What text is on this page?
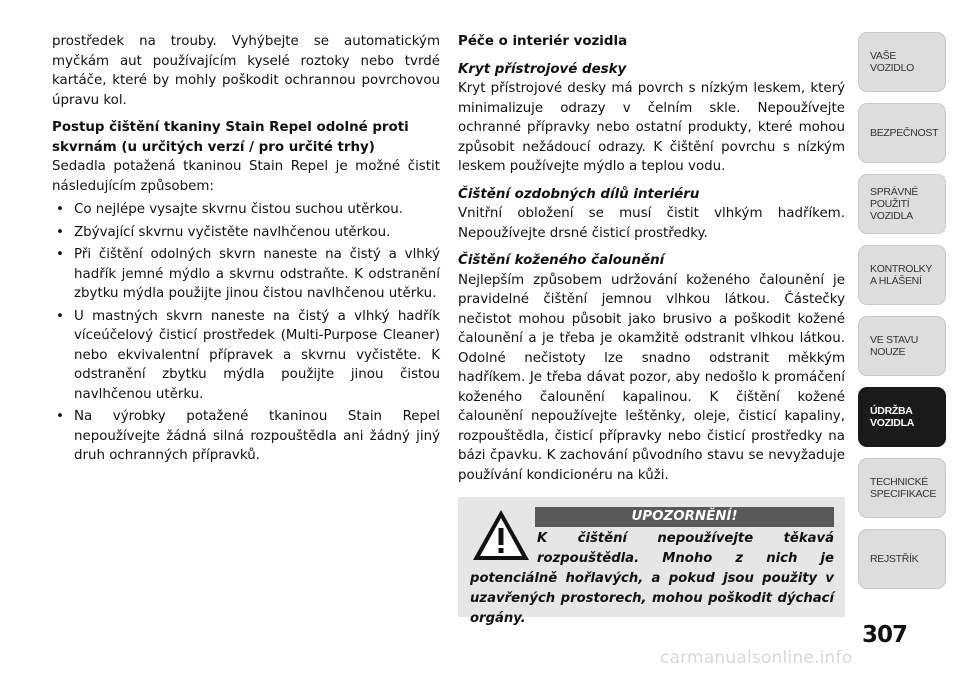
prostředek na trouby. Vyhýbejte se automatickým myčkám aut používajícím kyselé roztoky nebo tvrdé kartáče, které by mohly poškodit ochrannou povrchovou úpravu kol.

Postup čištění tkaniny Stain Repel odolné proti skvrnám (u určitých verzí / pro určité trhy)

Sedadla potažená tkaninou Stain Repel je možné čistit následujícím způsobem:

• Co nejlépe vysajte skvrnu čistou suchou utěrkou.
• Zbývající skvrnu vyčistěte navlhčenou utěrkou.
• Při čištění odolných skvrn naneste na čistý a vlhký hadřík jemné mýdlo a skvrnu odstraňte. K odstranění zbytku mýdla použijte jinou čistou navlhčenou utěrku.
• U mastných skvrn naneste na čistý a vlhký hadřík víceúčelový čisticí prostředek (Multi-Purpose Cleaner) nebo ekvivalentní přípravek a skvrnu vyčistěte. K odstranění zbytku mýdla použijte jinou čistou navlhčenou utěrku.
• Na výrobky potažené tkaninou Stain Repel nepoužívejte žádná silná rozpouštědla ani žádný jiný druh ochranných přípravků.

Péče o interiér vozidla

Kryt přístrojové desky

Kryt přístrojové desky má povrch s nízkým leskem, který minimalizuje odrazy v čelním skle. Nepoužívejte ochranné přípravky nebo ostatní produkty, které mohou způsobit nežádoucí odrazy. K čištění povrchu s nízkým leskem používejte mýdlo a teplou vodu.

Čištění ozdobných dílů interiéru

Vnitřní obložení se musí čistit vlhkým hadříkem. Nepoužívejte drsné čisticí prostředky.

Čištění koženého čalounění

Nejlepším způsobem udržování koženého čalounění je pravidelné čištění jemnou vlhkou látkou. Částečky nečistot mohou působit jako brusivo a poškodit kožené čalounění a je třeba je okamžitě odstranit vlhkou látkou. Odolné nečistoty lze snadno odstranit měkkým hadříkem. Je třeba dávat pozor, aby nedošlo k promáčení koženého čalounění kapalinou. K čištění kožené čalounění nepoužívejte leštěnky, oleje, čisticí kapaliny, rozpouštědla, čisticí přípravky nebo čisticí prostředky na bázi čpavku. K zachování původního stavu se nevyžaduje používání kondicionéru na kůži.

UPOZORNĚNÍ!
K čištění nepoužívejte těkavá rozpouštědla. Mnoho z nich je potenciálně hořlavých, a pokud jsou použity v uzavřených prostorech, mohou poškodit dýchací orgány.
VAŠE
VOZIDLO
BEZPEČNOST
SPRÁVNÉ
POUŽITÍ
VOZIDLA
KONTROLKY
A HLÁŠENÍ
VE STAVU
NOUZE
ÚDRŽBA
VOZIDLA
TECHNICKÉ
SPECIFIKACE
REJSTŘÍK
307
carmanualsonline.info
